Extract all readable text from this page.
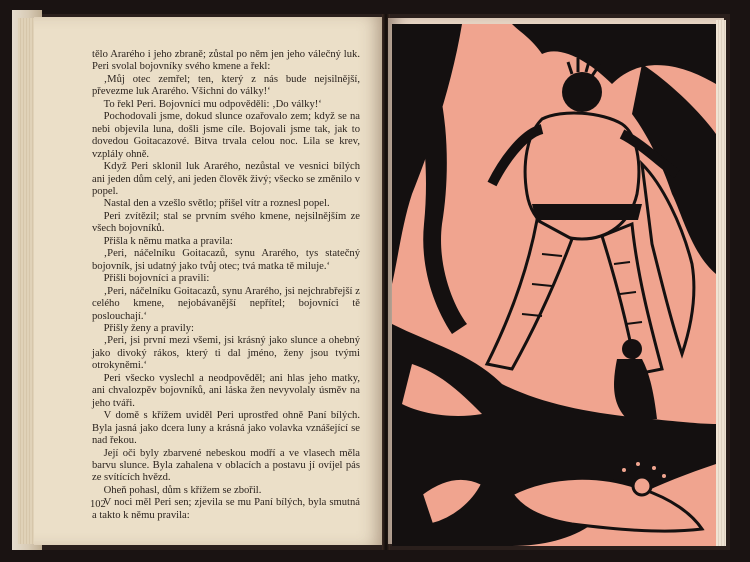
tělo Ararého i jeho zbraně; zůstal po něm jen jeho válečný luk. Peri svolal bojovníky svého kmene a řekl:

‚Můj otec zemřel; ten, který z nás bude nejsilnější, převezme luk Ararého. Všichni do války!‘

To řekl Peri. Bojovníci mu odpověděli: ‚Do války!‘

Pochodovali jsme, dokud slunce ozařovalo zem; když se na nebi objevila luna, došli jsme cíle. Bojovali jsme tak, jak to dovedou Goitacazové. Bitva trvala celou noc. Lila se krev, vzplály ohně.

Když Peri sklonil luk Ararého, nezůstal ve vesnici bílých ani jeden dům celý, ani jeden člověk živý; všecko se změnilo v popel.

Nastal den a vzešlo světlo; přišel vítr a roznesl popel.

Peri zvítězil; stal se prvním svého kmene, nejsilnějším ze všech bojovníků.

Přišla k němu matka a pravila:

‚Peri, náčelníku Goitacazů, synu Ararého, tys statečný bojovník, jsi udatný jako tvůj otec; tvá matka tě miluje.‘

Přišli bojovníci a pravili:

‚Peri, náčelníku Goitacazů, synu Ararého, jsi nejchrabřejší z celého kmene, nejobávanější nepřítel; bojovníci tě poslouchají.‘

Přišly ženy a pravily:

‚Peri, jsi první mezi všemi, jsi krásný jako slunce a ohebný jako divoký rákos, který ti dal jméno, ženy jsou tvými otrokyněmi.‘

Peri všecko vyslechl a neodpověděl; ani hlas jeho matky, ani chvalozpěv bojovníků, ani láska žen nevyvolaly úsměv na jeho tváři.

V domě s křížem uviděl Peri uprostřed ohně Paní bílých. Byla jasná jako dcera luny a krásná jako volavka vznášející se nad řekou.

Její oči byly zbarvené nebeskou modří a ve vlasech měla barvu slunce. Byla zahalena v oblacích a postavu jí ovíjel pás ze svítících hvězd.

Oheň pohasl, dům s křížem se zbořil.

V noci měl Peri sen; zjevila se mu Paní bílých, byla smutná a takto k němu pravila:

102
